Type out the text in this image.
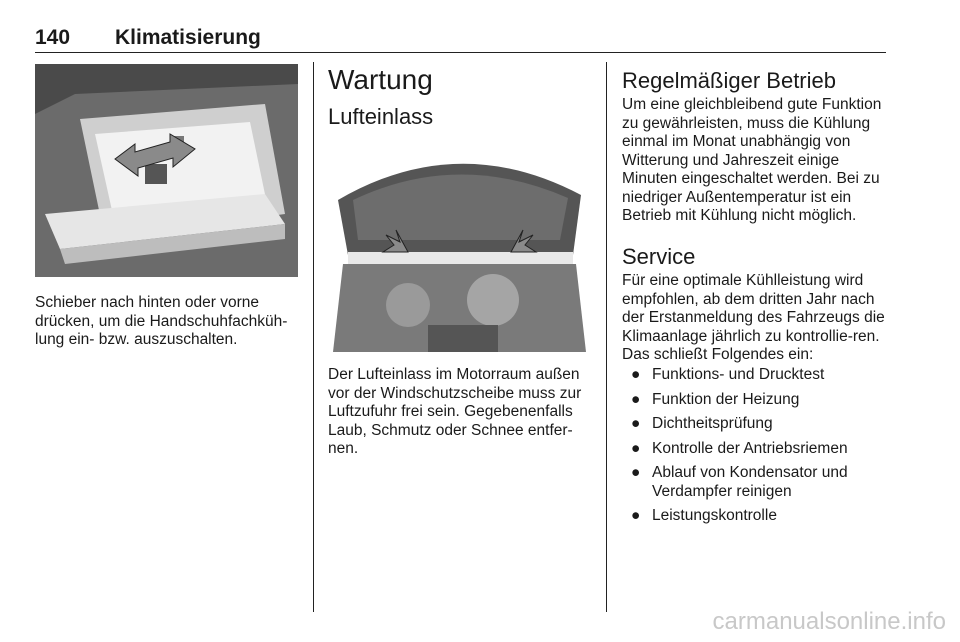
140 Klimatisierung
Schieber nach hinten oder vorne drücken, um die Handschuhfachküh-lung ein- bzw. auszuschalten.
Wartung
Lufteinlass
Der Lufteinlass im Motorraum außen vor der Windschutzscheibe muss zur Luftzufuhr frei sein. Gegebenenfalls Laub, Schmutz oder Schnee entfer-nen.
Regelmäßiger Betrieb
Um eine gleichbleibend gute Funktion zu gewährleisten, muss die Kühlung einmal im Monat unabhängig von Witterung und Jahreszeit einige Minuten eingeschaltet werden. Bei zu niedriger Außentemperatur ist ein Betrieb mit Kühlung nicht möglich.
Service
Für eine optimale Kühlleistung wird empfohlen, ab dem dritten Jahr nach der Erstanmeldung des Fahrzeugs die Klimaanlage jährlich zu kontrollie-ren. Das schließt Folgendes ein:
● Funktions- und Drucktest
● Funktion der Heizung
● Dichtheitsprüfung
● Kontrolle der Antriebsriemen
● Ablauf von Kondensator und Verdampfer reinigen
● Leistungskontrolle
carmanualsonline.info
